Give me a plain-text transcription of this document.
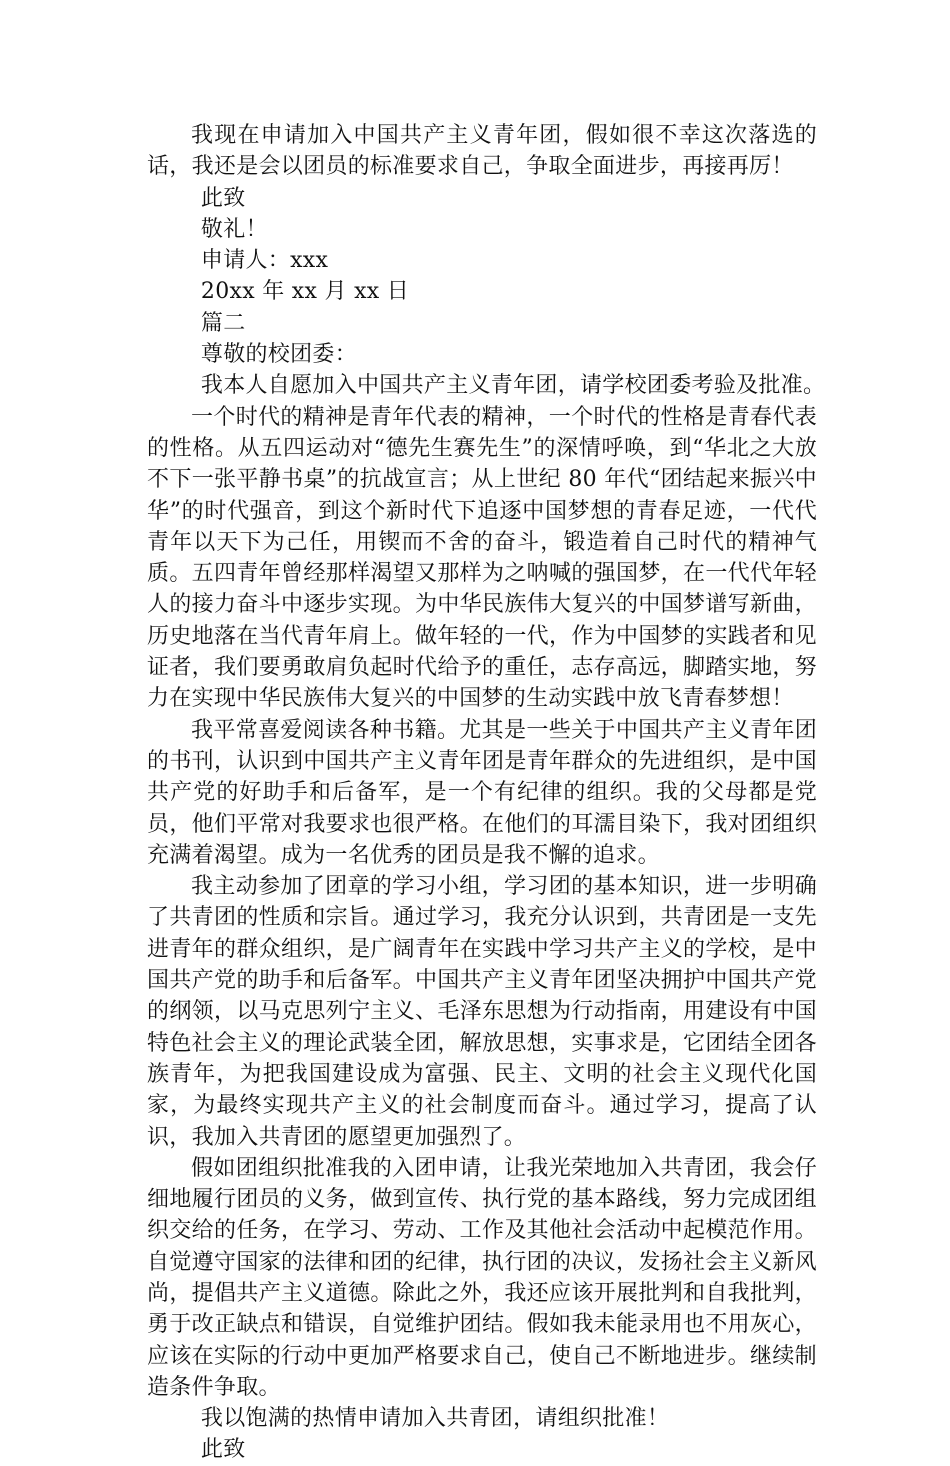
我现在申请加入中国共产主义青年团，假如很不幸这次落选的话，我还是会以团员的标准要求自己，争取全面进步，再接再厉！

此致

敬礼！

申请人：xxx

20xx 年 xx 月 xx 日

篇二

尊敬的校团委：

我本人自愿加入中国共产主义青年团，请学校团委考验及批准。

一个时代的精神是青年代表的精神，一个时代的性格是青春代表的性格。从五四运动对“德先生赛先生”的深情呼唤，到“华北之大放不下一张平静书桌”的抗战宣言；从上世纪 80 年代“团结起来振兴中华”的时代强音，到这个新时代下追逐中国梦想的青春足迹，一代代青年以天下为己任，用锲而不舍的奋斗，锻造着自己时代的精神气质。五四青年曾经那样渴望又那样为之呐喊的强国梦，在一代代年轻人的接力奋斗中逐步实现。为中华民族伟大复兴的中国梦谱写新曲，历史地落在当代青年肩上。做年轻的一代，作为中国梦的实践者和见证者，我们要勇敢肩负起时代给予的重任，志存高远，脚踏实地，努力在实现中华民族伟大复兴的中国梦的生动实践中放飞青春梦想！

我平常喜爱阅读各种书籍。尤其是一些关于中国共产主义青年团的书刊，认识到中国共产主义青年团是青年群众的先进组织，是中国共产党的好助手和后备军，是一个有纪律的组织。我的父母都是党员，他们平常对我要求也很严格。在他们的耳濡目染下，我对团组织充满着渴望。成为一名优秀的团员是我不懈的追求。

我主动参加了团章的学习小组，学习团的基本知识，进一步明确了共青团的性质和宗旨。通过学习，我充分认识到，共青团是一支先进青年的群众组织，是广阔青年在实践中学习共产主义的学校，是中国共产党的助手和后备军。中国共产主义青年团坚决拥护中国共产党的纲领，以马克思列宁主义、毛泽东思想为行动指南，用建设有中国特色社会主义的理论武装全团，解放思想，实事求是，它团结全团各族青年，为把我国建设成为富强、民主、文明的社会主义现代化国家，为最终实现共产主义的社会制度而奋斗。通过学习，提高了认识，我加入共青团的愿望更加强烈了。

假如团组织批准我的入团申请，让我光荣地加入共青团，我会仔细地履行团员的义务，做到宣传、执行党的基本路线，努力完成团组织交给的任务，在学习、劳动、工作及其他社会活动中起模范作用。自觉遵守国家的法律和团的纪律，执行团的决议，发扬社会主义新风尚，提倡共产主义道德。除此之外，我还应该开展批判和自我批判，勇于改正缺点和错误，自觉维护团结。假如我未能录用也不用灰心，应该在实际的行动中更加严格要求自己，使自己不断地进步。继续制造条件争取。

我以饱满的热情申请加入共青团，请组织批准！

此致
